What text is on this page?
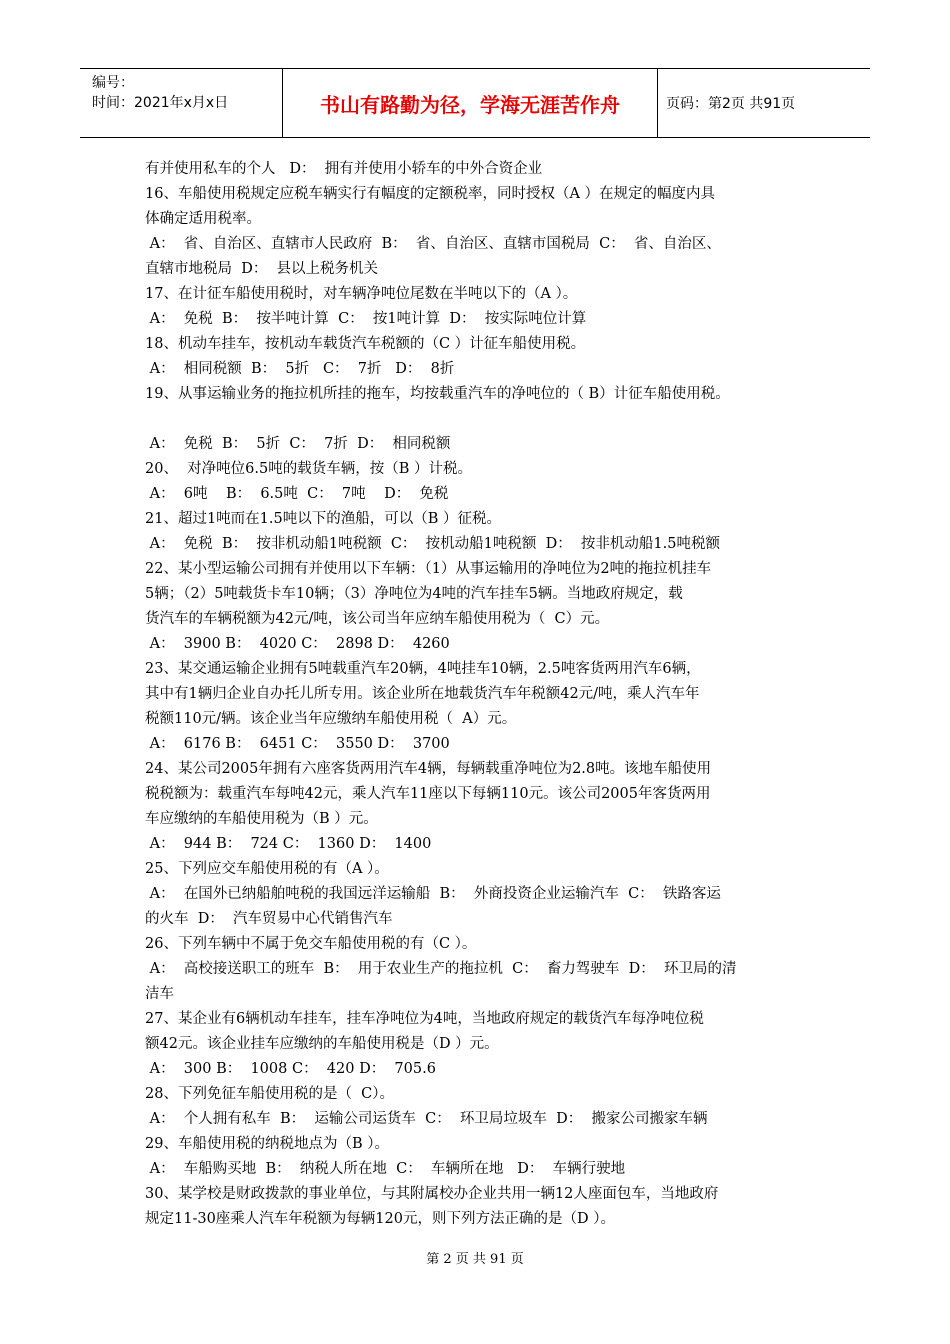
编号：
时间：2021年x月x日	书山有路勤为径，学海无涯苦作舟	页码：第2页 共91页
有并使用私车的个人   D：  拥有并使用小轿车的中外合资企业
16、车船使用税规定应税车辆实行有幅度的定额税率，同时授权（A ）在规定的幅度内具
体确定适用税率。
A：  省、自治区、直辖市人民政府  B：  省、自治区、直辖市国税局  C：  省、自治区、
直辖市地税局  D：  县以上税务机关
17、在计征车船使用税时，对车辆净吨位尾数在半吨以下的（A ）。
A：  免税  B：  按半吨计算  C：  按1吨计算  D：  按实际吨位计算
18、机动车挂车，按机动车载货汽车税额的（C ）计征车船使用税。
A：  相同税额  B：  5折   C：  7折   D：  8折
19、从事运输业务的拖拉机所挂的拖车，均按载重汽车的净吨位的（ B）计征车船使用税。
A：  免税  B：  5折  C：  7折  D：  相同税额
20、  对净吨位6.5吨的载货车辆，按（B ）计税。
A：  6吨    B：  6.5吨  C：  7吨    D：  免税
21、超过1吨而在1.5吨以下的渔船，可以（B ）征税。
A：  免税  B：  按非机动船1吨税额  C：  按机动船1吨税额  D：  按非机动船1.5吨税额
22、某小型运输公司拥有并使用以下车辆：（1）从事运输用的净吨位为2吨的拖拉机挂车
5辆；（2）5吨载货卡车10辆；（3）净吨位为4吨的汽车挂车5辆。当地政府规定，载
货汽车的车辆税额为42元/吨，该公司当年应纳车船使用税为（  C）元。
A：  3900 B：  4020 C：  2898 D：  4260
23、某交通运输企业拥有5吨载重汽车20辆，4吨挂车10辆，2.5吨客货两用汽车6辆，
其中有1辆归企业自办托儿所专用。该企业所在地载货汽车年税额42元/吨，乘人汽车年
税额110元/辆。该企业当年应缴纳车船使用税（  A）元。
A：  6176 B：  6451 C：  3550 D：  3700
24、某公司2005年拥有六座客货两用汽车4辆，每辆载重净吨位为2.8吨。该地车船使用
税税额为：载重汽车每吨42元，乘人汽车11座以下每辆110元。该公司2005年客货两用
车应缴纳的车船使用税为（B ）元。
A：  944 B：  724 C：  1360 D：  1400
25、下列应交车船使用税的有（A ）。
A：  在国外已纳船舶吨税的我国远洋运输船  B：  外商投资企业运输汽车  C：  铁路客运
的火车  D：  汽车贸易中心代销售汽车
26、下列车辆中不属于免交车船使用税的有（C ）。
A：  高校接送职工的班车  B：  用于农业生产的拖拉机  C：  畜力驾驶车  D：  环卫局的清
洁车
27、某企业有6辆机动车挂车，挂车净吨位为4吨，当地政府规定的载货汽车每净吨位税
额42元。该企业挂车应缴纳的车船使用税是（D ）元。
A：  300 B：  1008 C：  420 D：  705.6
28、下列免征车船使用税的是（  C）。
A：  个人拥有私车  B：  运输公司运货车  C：  环卫局垃圾车  D：  搬家公司搬家车辆
29、车船使用税的纳税地点为（B ）。
A：  车船购买地  B：  纳税人所在地  C：  车辆所在地   D：  车辆行驶地
30、某学校是财政拨款的事业单位，与其附属校办企业共用一辆12人座面包车，当地政府
规定11-30座乘人汽车年税额为每辆120元，则下列方法正确的是（D ）。
第 2 页 共 91 页
